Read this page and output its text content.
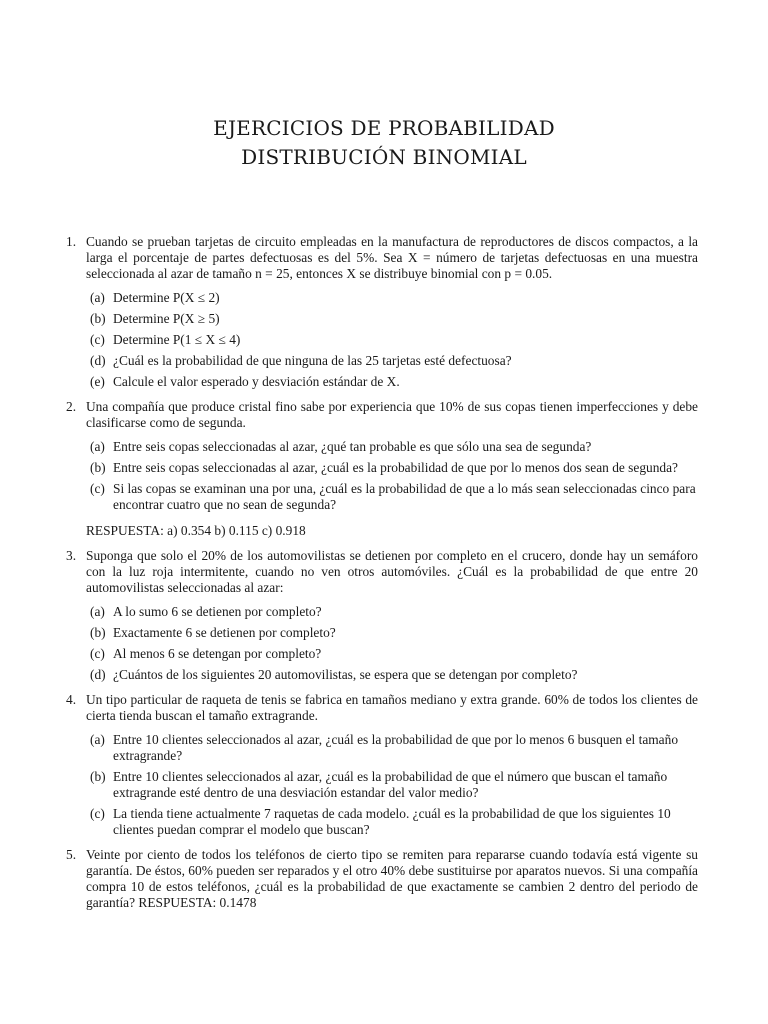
EJERCICIOS DE PROBABILIDAD
DISTRIBUCIÓN BINOMIAL
1. Cuando se prueban tarjetas de circuito empleadas en la manufactura de reproductores de discos compactos, a la larga el porcentaje de partes defectuosas es del 5%. Sea X = número de tarjetas defectuosas en una muestra seleccionada al azar de tamaño n = 25, entonces X se distribuye binomial con p = 0.05.
(a) Determine P(X ≤ 2)
(b) Determine P(X ≥ 5)
(c) Determine P(1 ≤ X ≤ 4)
(d) ¿Cuál es la probabilidad de que ninguna de las 25 tarjetas esté defectuosa?
(e) Calcule el valor esperado y desviación estándar de X.
2. Una compañía que produce cristal fino sabe por experiencia que 10% de sus copas tienen imperfecciones y debe clasificarse como de segunda.
(a) Entre seis copas seleccionadas al azar, ¿qué tan probable es que sólo una sea de segunda?
(b) Entre seis copas seleccionadas al azar, ¿cuál es la probabilidad de que por lo menos dos sean de segunda?
(c) Si las copas se examinan una por una, ¿cuál es la probabilidad de que a lo más sean seleccionadas cinco para encontrar cuatro que no sean de segunda?
RESPUESTA: a) 0.354 b) 0.115 c) 0.918
3. Suponga que solo el 20% de los automovilistas se detienen por completo en el crucero, donde hay un semáforo con la luz roja intermitente, cuando no ven otros automóviles. ¿Cuál es la probabilidad de que entre 20 automovilistas seleccionadas al azar:
(a) A lo sumo 6 se detienen por completo?
(b) Exactamente 6 se detienen por completo?
(c) Al menos 6 se detengan por completo?
(d) ¿Cuántos de los siguientes 20 automovilistas, se espera que se detengan por completo?
4. Un tipo particular de raqueta de tenis se fabrica en tamaños mediano y extra grande. 60% de todos los clientes de cierta tienda buscan el tamaño extragrande.
(a) Entre 10 clientes seleccionados al azar, ¿cuál es la probabilidad de que por lo menos 6 busquen el tamaño extragrande?
(b) Entre 10 clientes seleccionados al azar, ¿cuál es la probabilidad de que el número que buscan el tamaño extragrande esté dentro de una desviación estandar del valor medio?
(c) La tienda tiene actualmente 7 raquetas de cada modelo. ¿cuál es la probabilidad de que los siguientes 10 clientes puedan comprar el modelo que buscan?
5. Veinte por ciento de todos los teléfonos de cierto tipo se remiten para repararse cuando todavía está vigente su garantía. De éstos, 60% pueden ser reparados y el otro 40% debe sustituirse por aparatos nuevos. Si una compañía compra 10 de estos teléfonos, ¿cuál es la probabilidad de que exactamente se cambien 2 dentro del periodo de garantía? RESPUESTA: 0.1478
